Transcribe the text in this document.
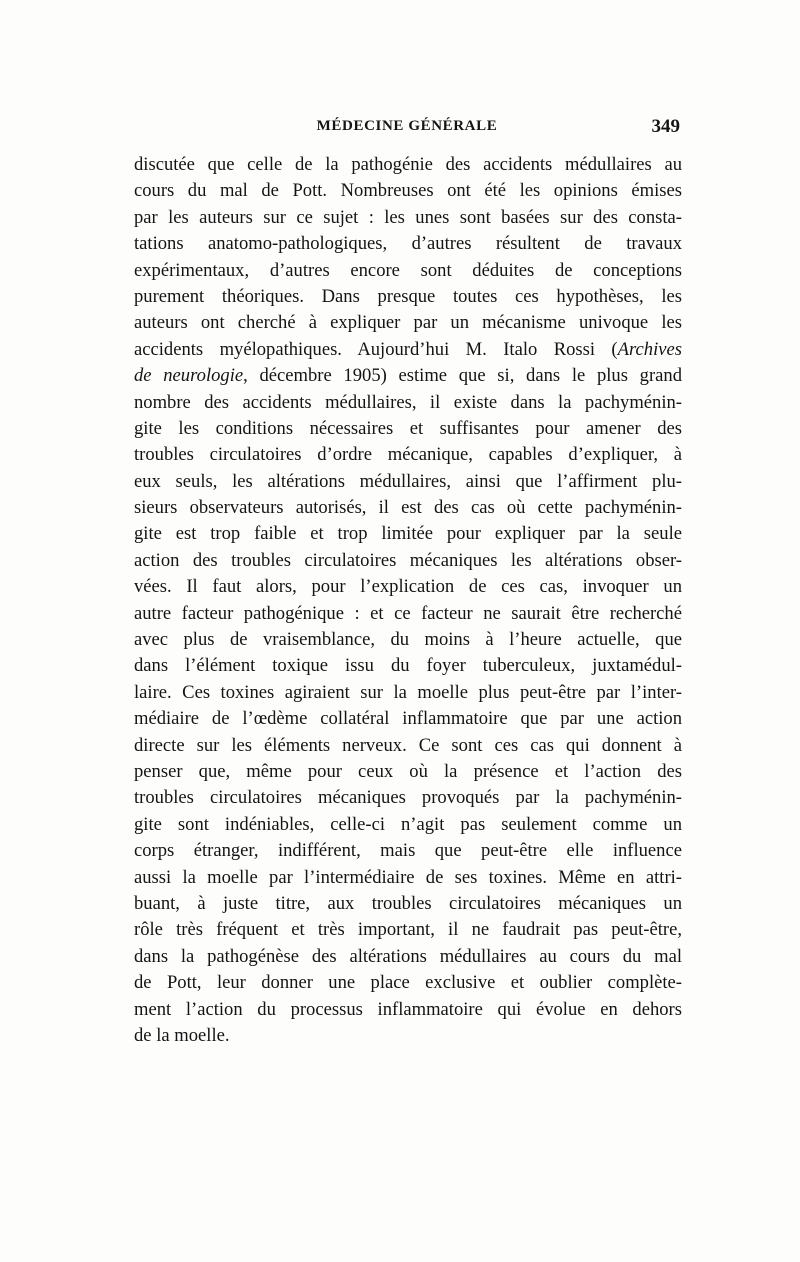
MÉDECINE GÉNÉRALE	349
discutée que celle de la pathogénie des accidents médullaires au
cours du mal de Pott. Nombreuses ont été les opinions émises
par les auteurs sur ce sujet : les unes sont basées sur des consta-
tations anatomo-pathologiques, d’autres résultent de travaux
expérimentaux, d’autres encore sont déduites de conceptions
purement théoriques. Dans presque toutes ces hypothèses, les
auteurs ont cherché à expliquer par un mécanisme univoque les
accidents myélopathiques. Aujourd’hui M. Italo Rossi (Archives
de neurologie, décembre 1905) estime que si, dans le plus grand
nombre des accidents médullaires, il existe dans la pachyménin-
gite les conditions nécessaires et suffisantes pour amener des
troubles circulatoires d’ordre mécanique, capables d’expliquer, à
eux seuls, les altérations médullaires, ainsi que l’affirment plu-
sieurs observateurs autorisés, il est des cas où cette pachyménin-
gite est trop faible et trop limitée pour expliquer par la seule
action des troubles circulatoires mécaniques les altérations obser-
vées. Il faut alors, pour l’explication de ces cas, invoquer un
autre facteur pathogénique : et ce facteur ne saurait être recherché
avec plus de vraisemblance, du moins à l’heure actuelle, que
dans l’élément toxique issu du foyer tuberculeux, juxtamédul-
laire. Ces toxines agiraient sur la moelle plus peut-être par l’inter-
médiaire de l’œdème collatéral inflammatoire que par une action
directe sur les éléments nerveux. Ce sont ces cas qui donnent à
penser que, même pour ceux où la présence et l’action des
troubles circulatoires mécaniques provoqués par la pachyménin-
gite sont indéniables, celle-ci n’agit pas seulement comme un
corps étranger, indifférent, mais que peut-être elle influence
aussi la moelle par l’intermédiaire de ses toxines. Même en attri-
buant, à juste titre, aux troubles circulatoires mécaniques un
rôle très fréquent et très important, il ne faudrait pas peut-être,
dans la pathogénèse des altérations médullaires au cours du mal
de Pott, leur donner une place exclusive et oublier complète-
ment l’action du processus inflammatoire qui évolue en dehors
de la moelle.
